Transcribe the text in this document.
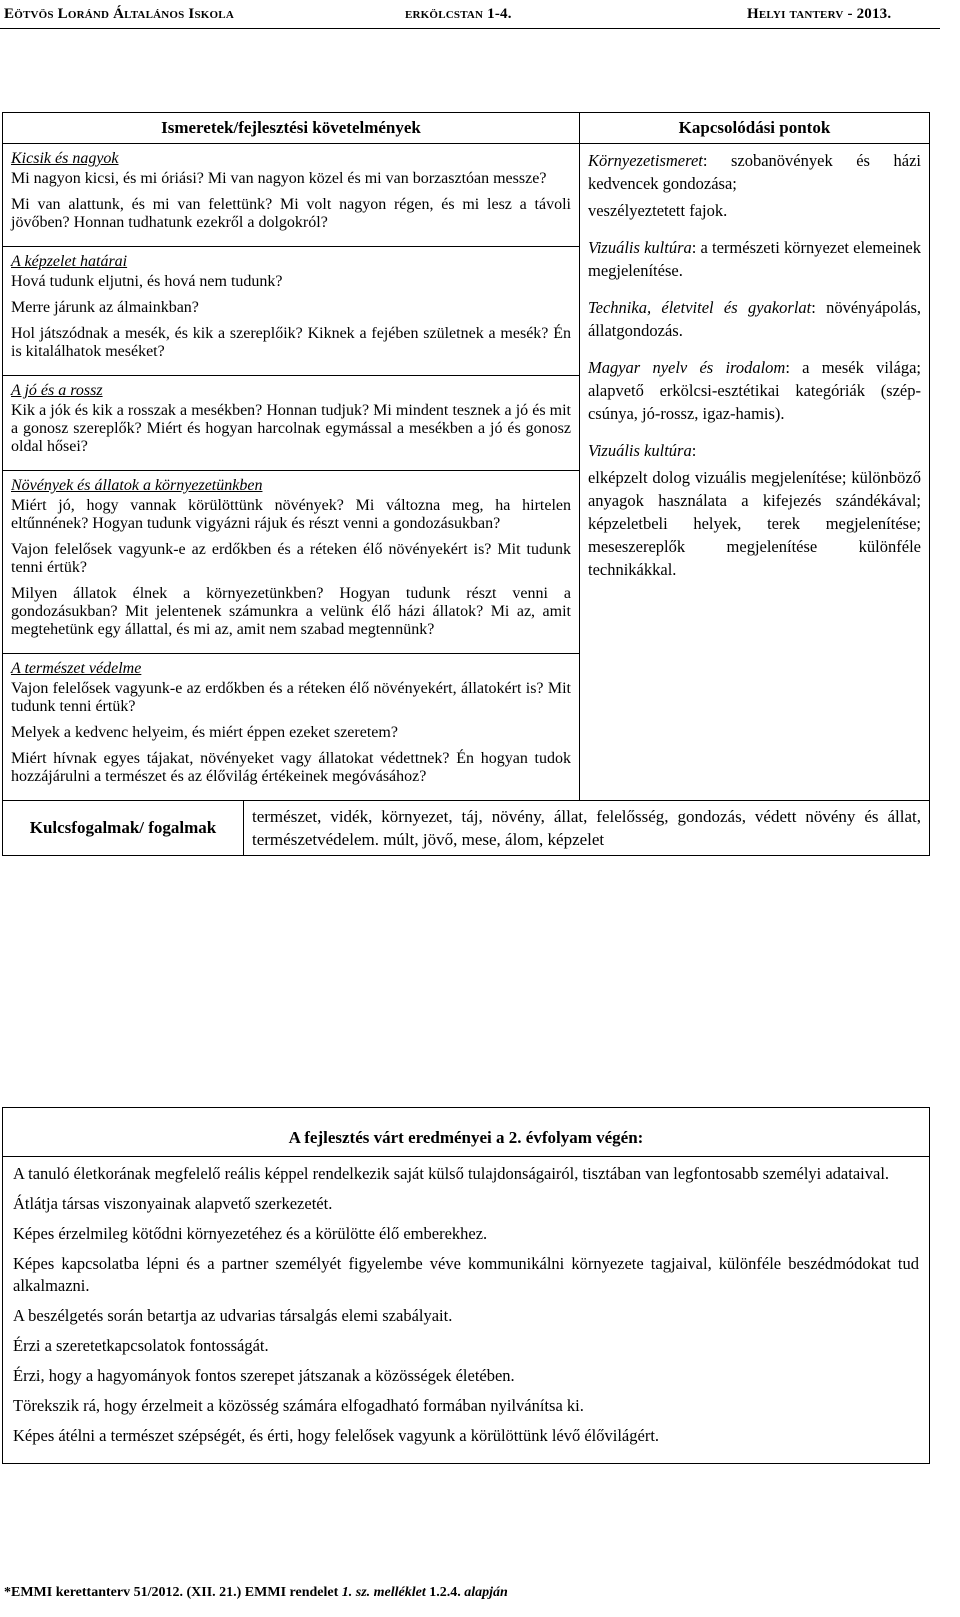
Eötvös Loránd Általános Iskola	erkölcstan 1-4.	Helyi tanterv - 2013.
Ismeretek/fejlesztési követelmények	Kapcsolódási pontok

Kicsik és nagyok
Mi nagyon kicsi, és mi óriási? Mi van nagyon közel és mi van borzasztóan messze?
Mi van alattunk, és mi van felettünk? Mi volt nagyon régen, és mi lesz a távoli jövőben? Honnan tudhatunk ezekről a dolgokról?
A képzelet határai
Hová tudunk eljutni, és hová nem tudunk?
Merre járunk az álmainkban?
Hol játszódnak a mesék, és kik a szereplőik? Kiknek a fejében születnek a mesék? Én is kitalálhatok meséket?
A jó és a rossz
Kik a jók és kik a rosszak a mesékben? Honnan tudjuk? Mi mindent tesznek a jó és mit a gonosz szereplők? Miért és hogyan harcolnak egymással a mesékben a jó és gonosz oldal hősei?
Növények és állatok a környezetünkben
Miért jó, hogy vannak körülöttünk növények? Mi változna meg, ha hirtelen eltűnnének? Hogyan tudunk vigyázni rájuk és részt venni a gondozásukban?
Vajon felelősek vagyunk-e az erdőkben és a réteken élő növényekért is? Mit tudunk tenni értük?
Milyen állatok élnek a környezetünkben? Hogyan tudunk részt venni a gondozásukban? Mit jelentenek számunkra a velünk élő házi állatok? Mi az, amit megtehetünk egy állattal, és mi az, amit nem szabad megtennünk?
A természet védelme
Vajon felelősek vagyunk-e az erdőkben és a réteken élő növényekért, állatokért is? Mit tudunk tenni értük?
Melyek a kedvenc helyeim, és miért éppen ezeket szeretem?
Miért hívnak egyes tájakat, növényeket vagy állatokat védettnek? Én hogyan tudok hozzájárulni a természet és az élővilág értékeinek megóvásához?

Környezetismeret: szobanövények és házi kedvencek gondozása;
veszélyeztetett fajok.
Vizuális kultúra: a természeti környezet elemeinek megjelenítése.
Technika, életvitel és gyakorlat: növényápolás, állatgondozás.
Magyar nyelv és irodalom: a mesék világa; alapvető erkölcsi-esztétikai kategóriák (szép-csúnya, jó-rossz, igaz-hamis).
Vizuális kultúra:
elképzelt dolog vizuális megjelenítése; különböző anyagok használata a kifejezés szándékával; képzeletbeli helyek, terek megjelenítése; meseszereplők megjelenítése különféle technikákkal.

Kulcsfogalmak/ fogalmak	természet, vidék, környezet, táj, növény, állat, felelősség, gondozás, védett növény és állat, természetvédelem. múlt, jövő, mese, álom, képzelet
A fejlesztés várt eredményei a 2. évfolyam végén:

A tanuló életkorának megfelelő reális képpel rendelkezik saját külső tulajdonságairól, tisztában van legfontosabb személyi adataival.
Átlátja társas viszonyainak alapvető szerkezetét.
Képes érzelmileg kötődni környezetéhez és a körülötte élő emberekhez.
Képes kapcsolatba lépni és a partner személyét figyelembe véve kommunikálni környezete tagjaival, különféle beszédmódokat tud alkalmazni.
A beszélgetés során betartja az udvarias társalgás elemi szabályait.
Érzi a szeretetkapcsolatok fontosságát.
Érzi, hogy a hagyományok fontos szerepet játszanak a közösségek életében.
Törekszik rá, hogy érzelmeit a közösség számára elfogadható formában nyilvánítsa ki.
Képes átélni a természet szépségét, és érti, hogy felelősek vagyunk a körülöttünk lévő élővilágért.
*EMMI kerettanterv 51/2012. (XII. 21.) EMMI rendelet 1. sz. melléklet 1.2.4. alapján
